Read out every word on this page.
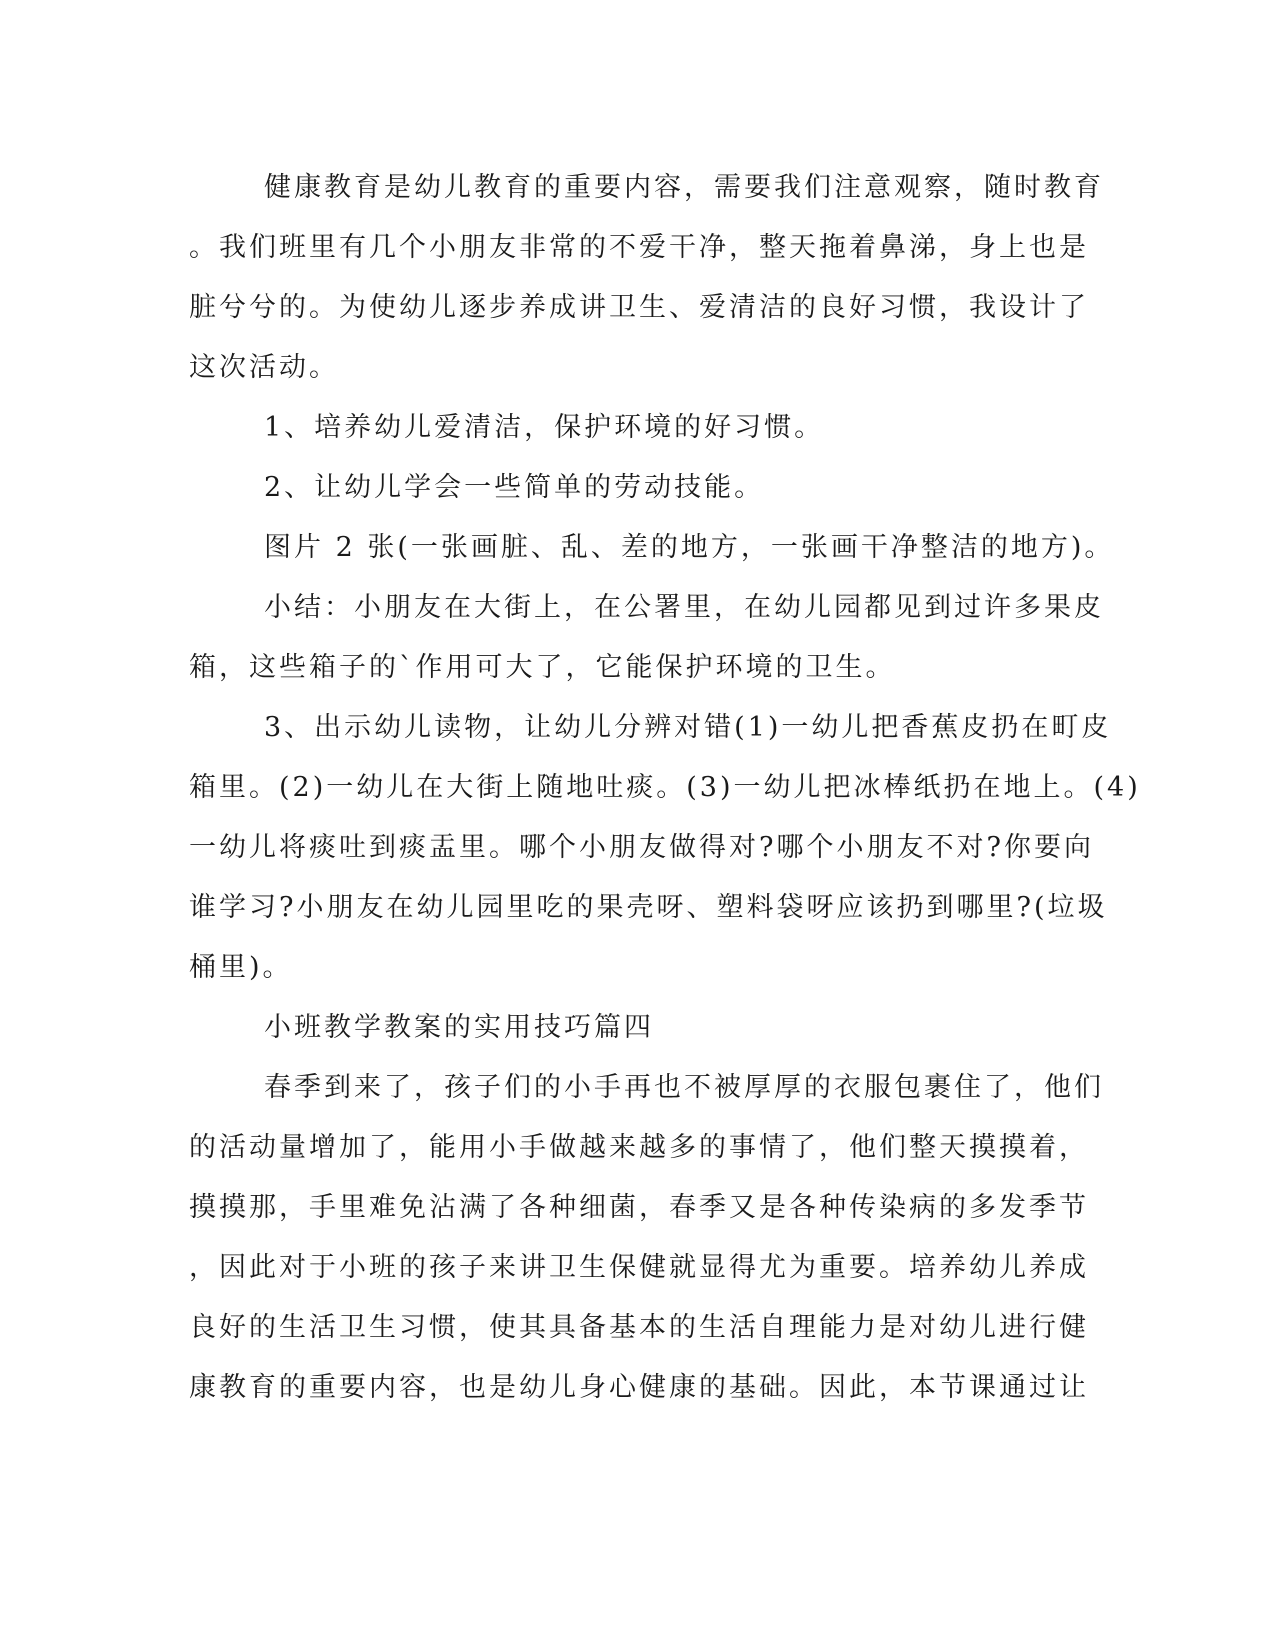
健康教育是幼儿教育的重要内容，需要我们注意观察，随时教育
。我们班里有几个小朋友非常的不爱干净，整天拖着鼻涕，身上也是
脏兮兮的。为使幼儿逐步养成讲卫生、爱清洁的良好习惯，我设计了
这次活动。
1、培养幼儿爱清洁，保护环境的好习惯。
2、让幼儿学会一些简单的劳动技能。
图片 2 张(一张画脏、乱、差的地方，一张画干净整洁的地方)。
小结：小朋友在大街上，在公署里，在幼儿园都见到过许多果皮
箱，这些箱子的`作用可大了，它能保护环境的卫生。
3、出示幼儿读物，让幼儿分辨对错(1)一幼儿把香蕉皮扔在町皮
箱里。(2)一幼儿在大街上随地吐痰。(3)一幼儿把冰棒纸扔在地上。(4)
一幼儿将痰吐到痰盂里。哪个小朋友做得对?哪个小朋友不对?你要向
谁学习?小朋友在幼儿园里吃的果壳呀、塑料袋呀应该扔到哪里?(垃圾
桶里)。
小班教学教案的实用技巧篇四
春季到来了，孩子们的小手再也不被厚厚的衣服包裹住了，他们
的活动量增加了，能用小手做越来越多的事情了，他们整天摸摸着，
摸摸那，手里难免沾满了各种细菌，春季又是各种传染病的多发季节
，因此对于小班的孩子来讲卫生保健就显得尤为重要。培养幼儿养成
良好的生活卫生习惯，使其具备基本的生活自理能力是对幼儿进行健
康教育的重要内容，也是幼儿身心健康的基础。因此，本节课通过让
